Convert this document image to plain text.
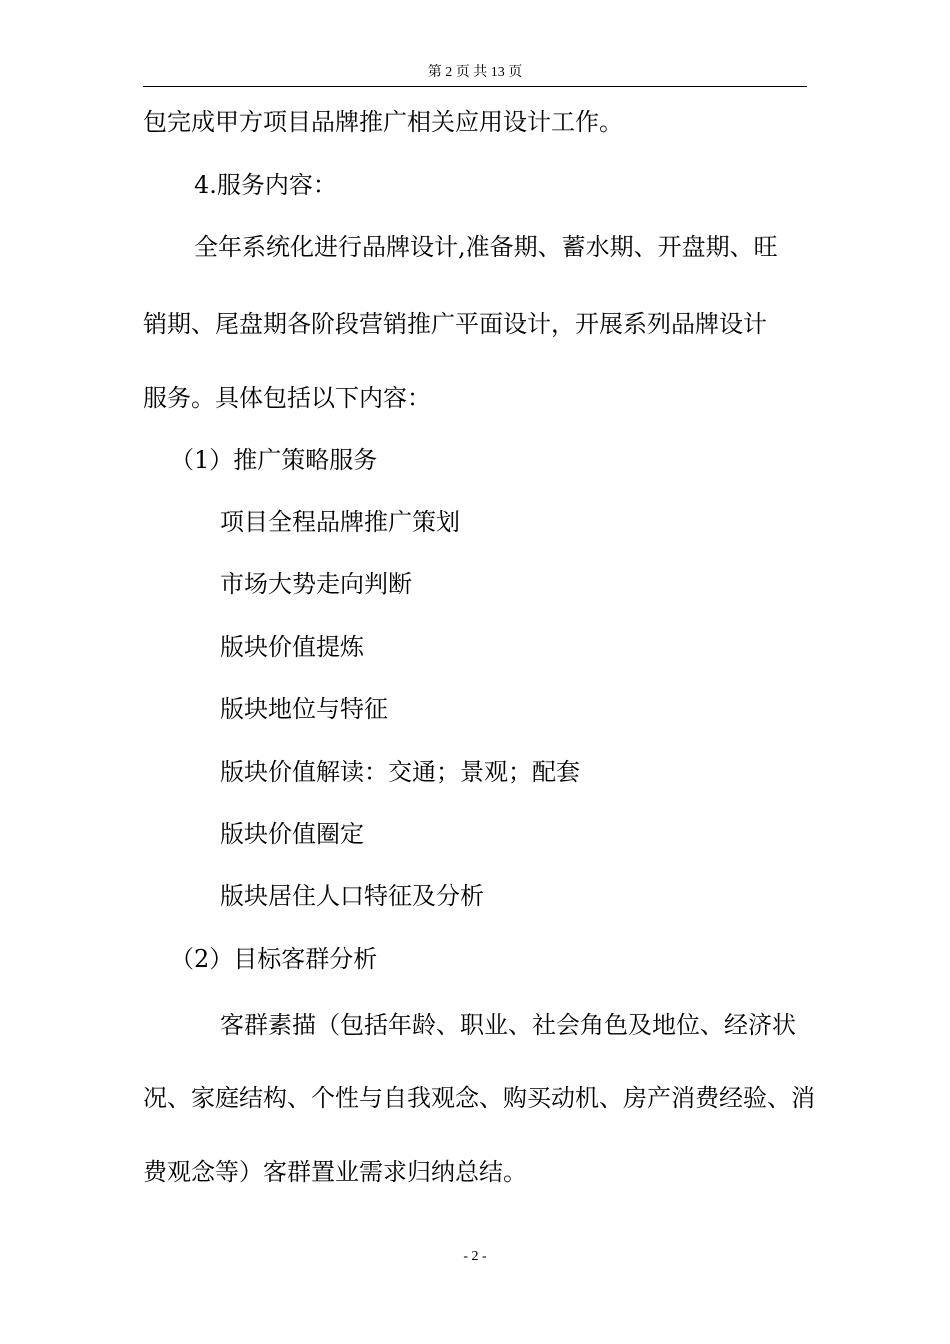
第 2 页 共 13 页
包完成甲方项目品牌推广相关应用设计工作。
4.服务内容：
全年系统化进行品牌设计,准备期、蓄水期、开盘期、旺
销期、尾盘期各阶段营销推广平面设计，开展系列品牌设计
服务。具体包括以下内容：
（1）推广策略服务
项目全程品牌推广策划
市场大势走向判断
版块价值提炼
版块地位与特征
版块价值解读：交通；景观；配套
版块价值圈定
版块居住人口特征及分析
（2）目标客群分析
客群素描（包括年龄、职业、社会角色及地位、经济状
况、家庭结构、个性与自我观念、购买动机、房产消费经验、消
费观念等）客群置业需求归纳总结。
- 2 -
